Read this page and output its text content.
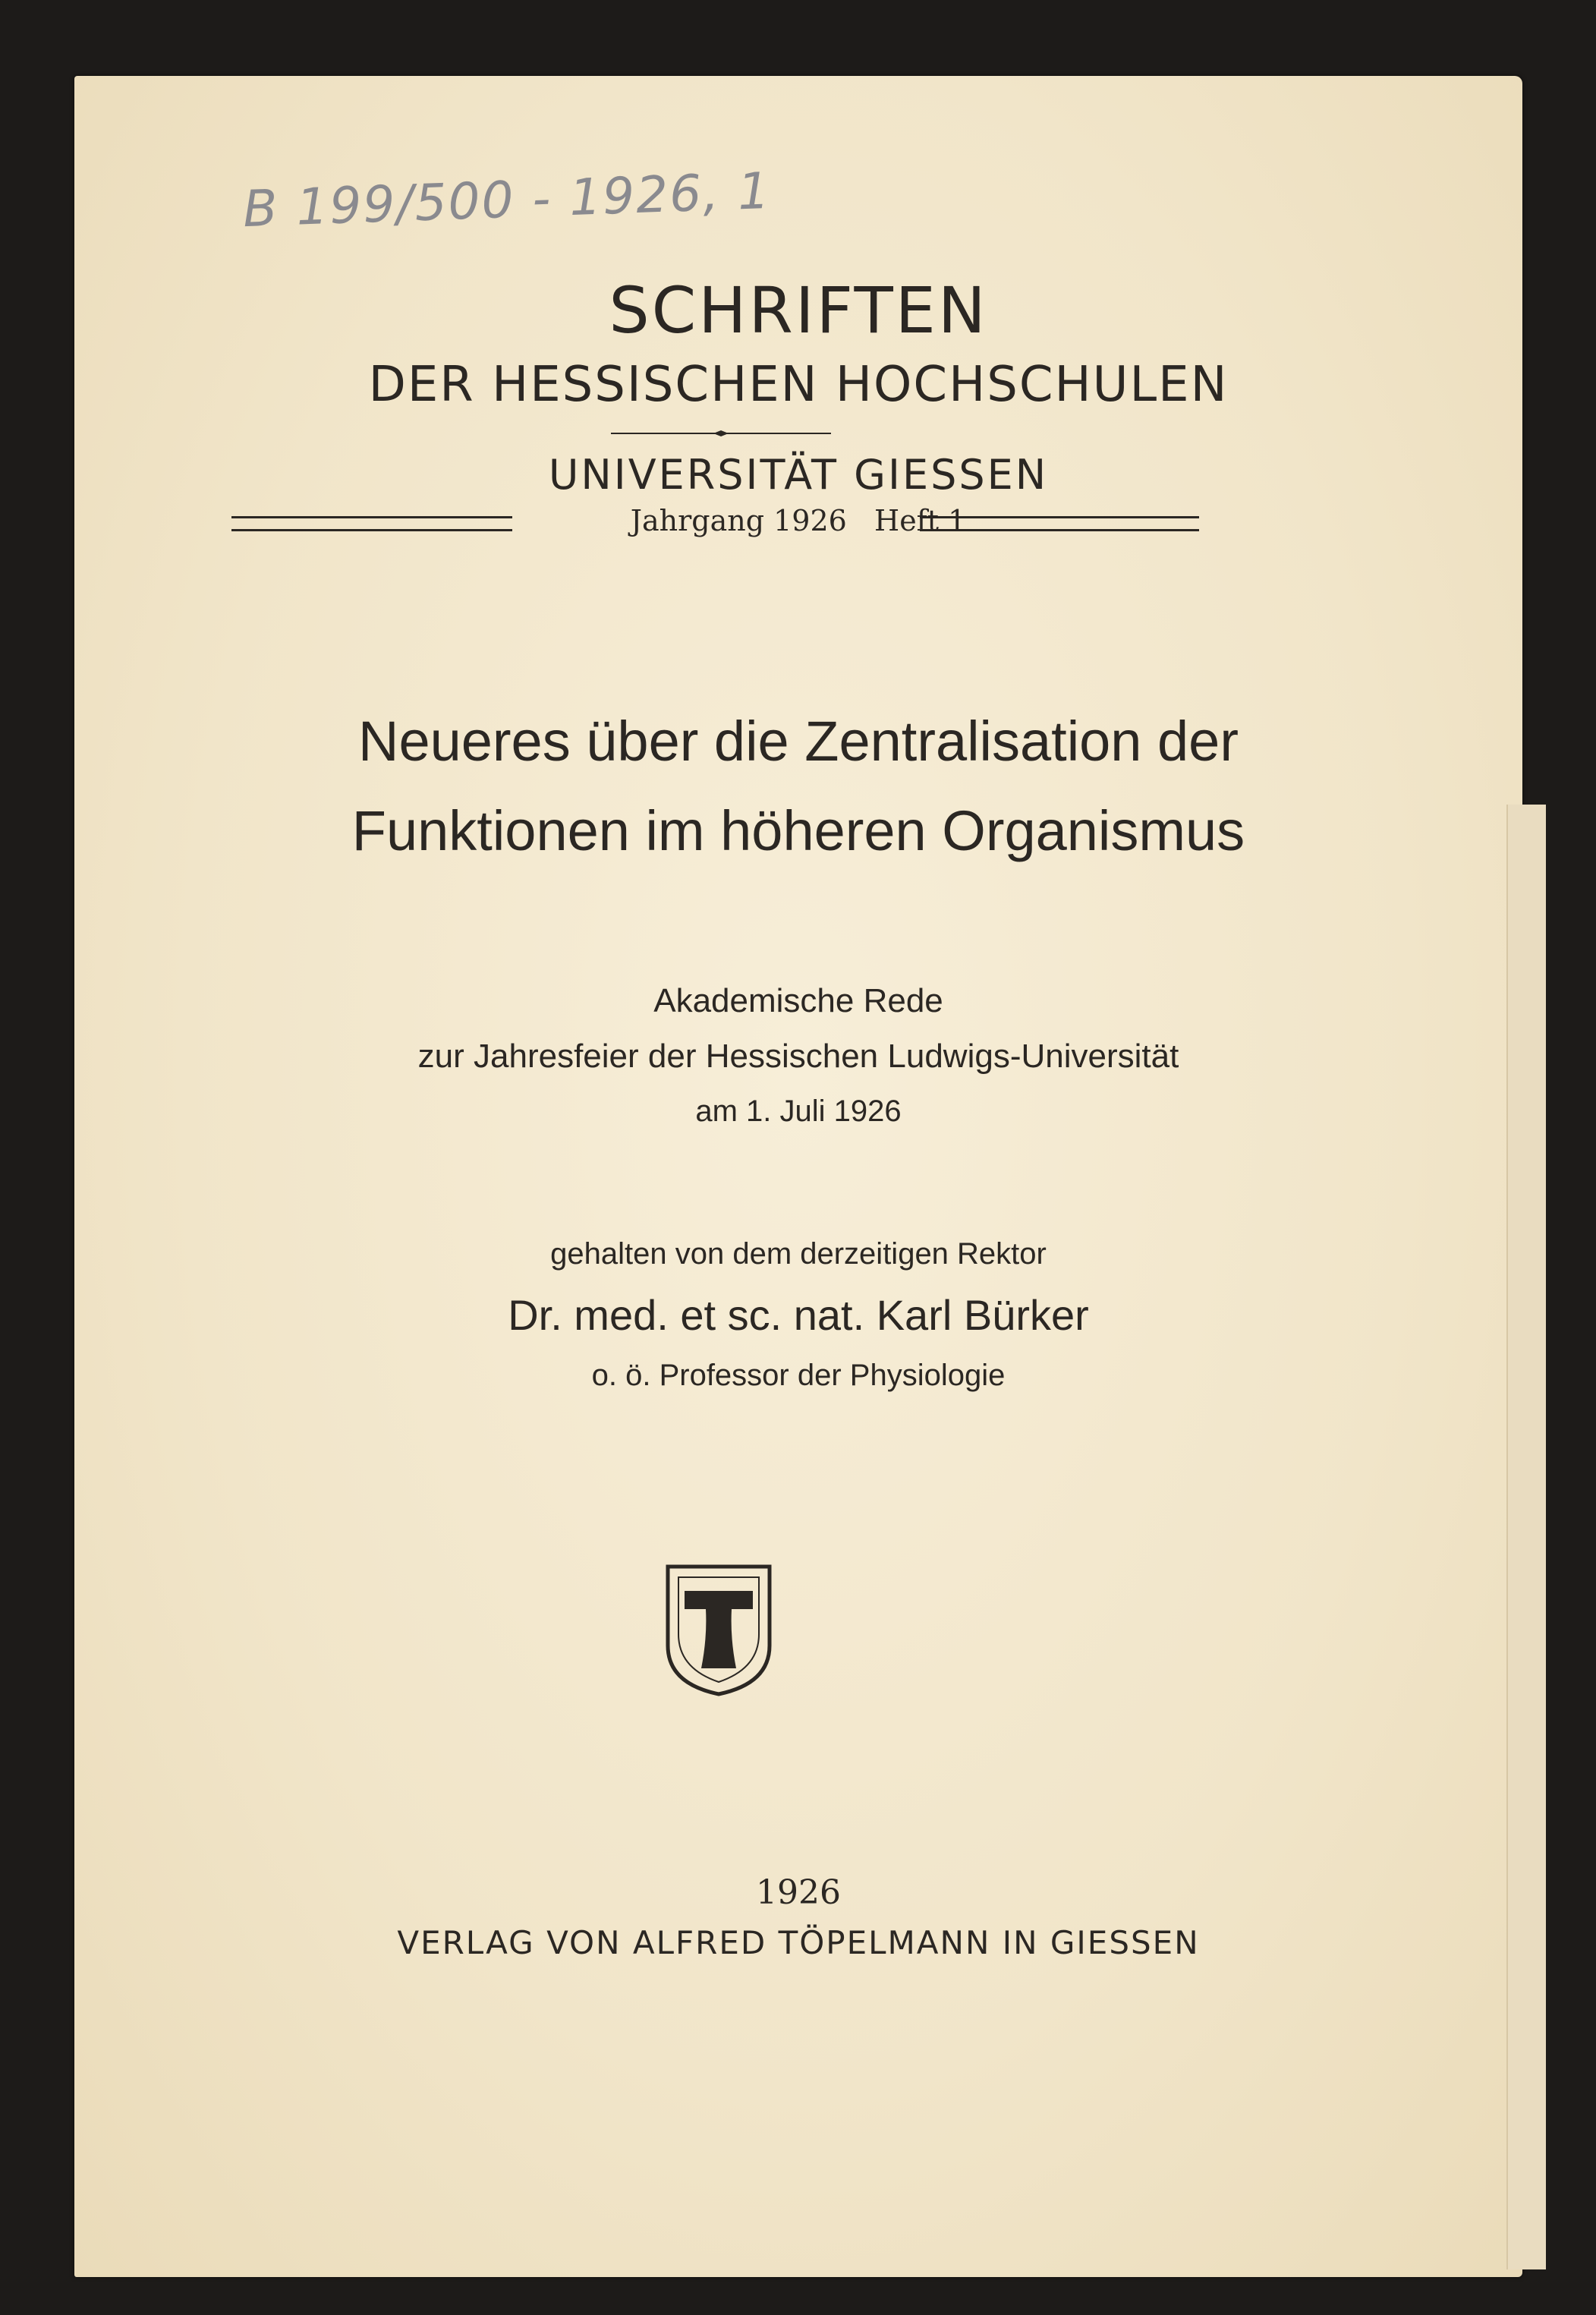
B 199/500 - 1926, 1
SCHRIFTEN
DER HESSISCHEN HOCHSCHULEN
UNIVERSITÄT GIESSEN
Jahrgang 1926   Heft 1
Neueres über die Zentralisation der
Funktionen im höheren Organismus
Akademische Rede
zur Jahresfeier der Hessischen Ludwigs-Universität
am 1. Juli 1926
gehalten von dem derzeitigen Rektor
Dr. med. et sc. nat. Karl Bürker
o. ö. Professor der Physiologie
1926
VERLAG VON ALFRED TÖPELMANN IN GIESSEN
